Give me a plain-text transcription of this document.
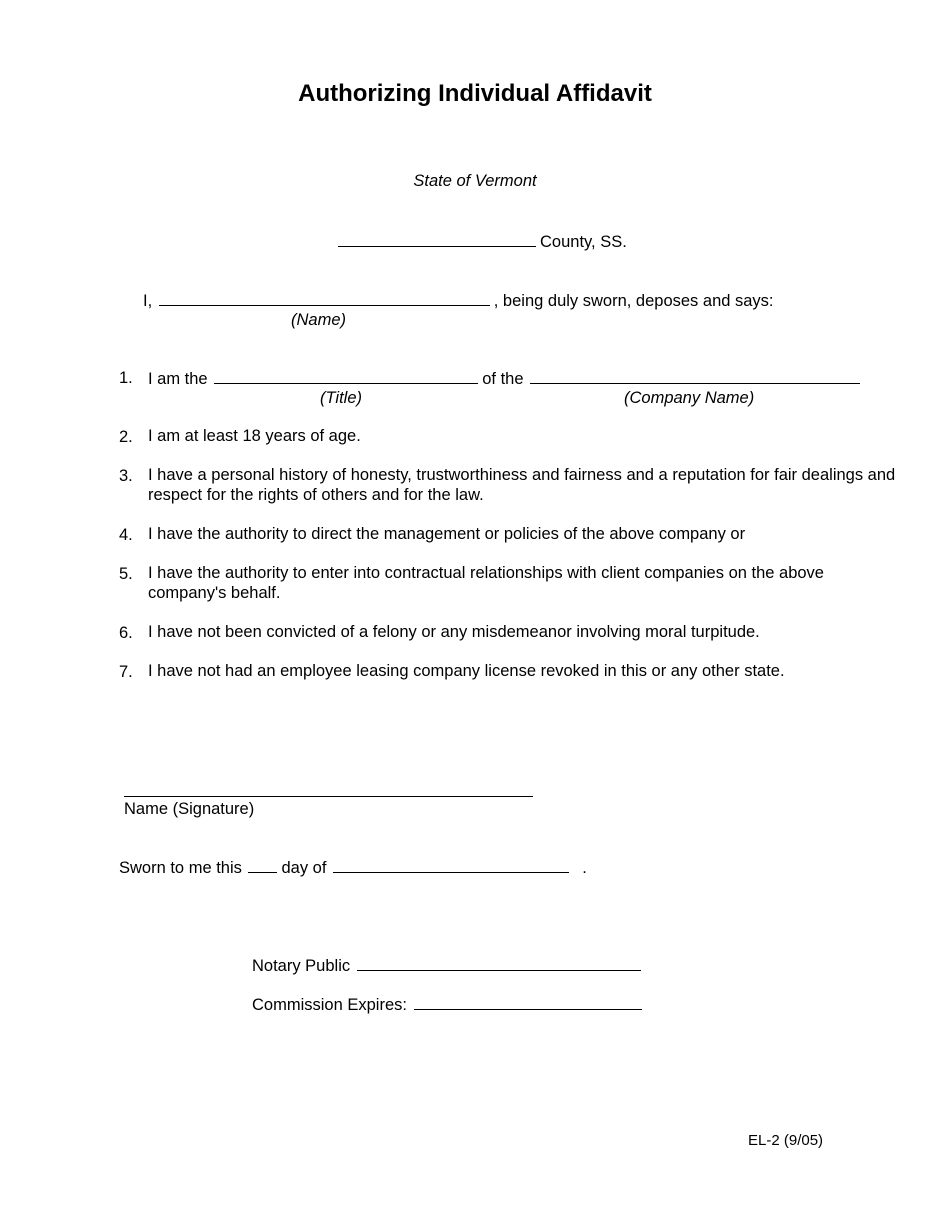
Authorizing Individual Affidavit
State of Vermont
County, SS.
I,	, being duly sworn, deposes and says:
(Name)
1. I am the	of the
(Title)	(Company Name)
2. I am at least 18 years of age.
3. I have a personal history of honesty, trustworthiness and fairness and a reputation for fair dealings and respect for the rights of others and for the law.
4. I have the authority to direct the management or policies of the above company or
5. I have the authority to enter into contractual relationships with client companies on the above company's behalf.
6. I have not been convicted of a felony or any misdemeanor involving moral turpitude.
7. I have not had an employee leasing company license revoked in this or any other state.
Name (Signature)
Sworn to me this day of	.
Notary Public
Commission Expires:
EL-2 (9/05)
